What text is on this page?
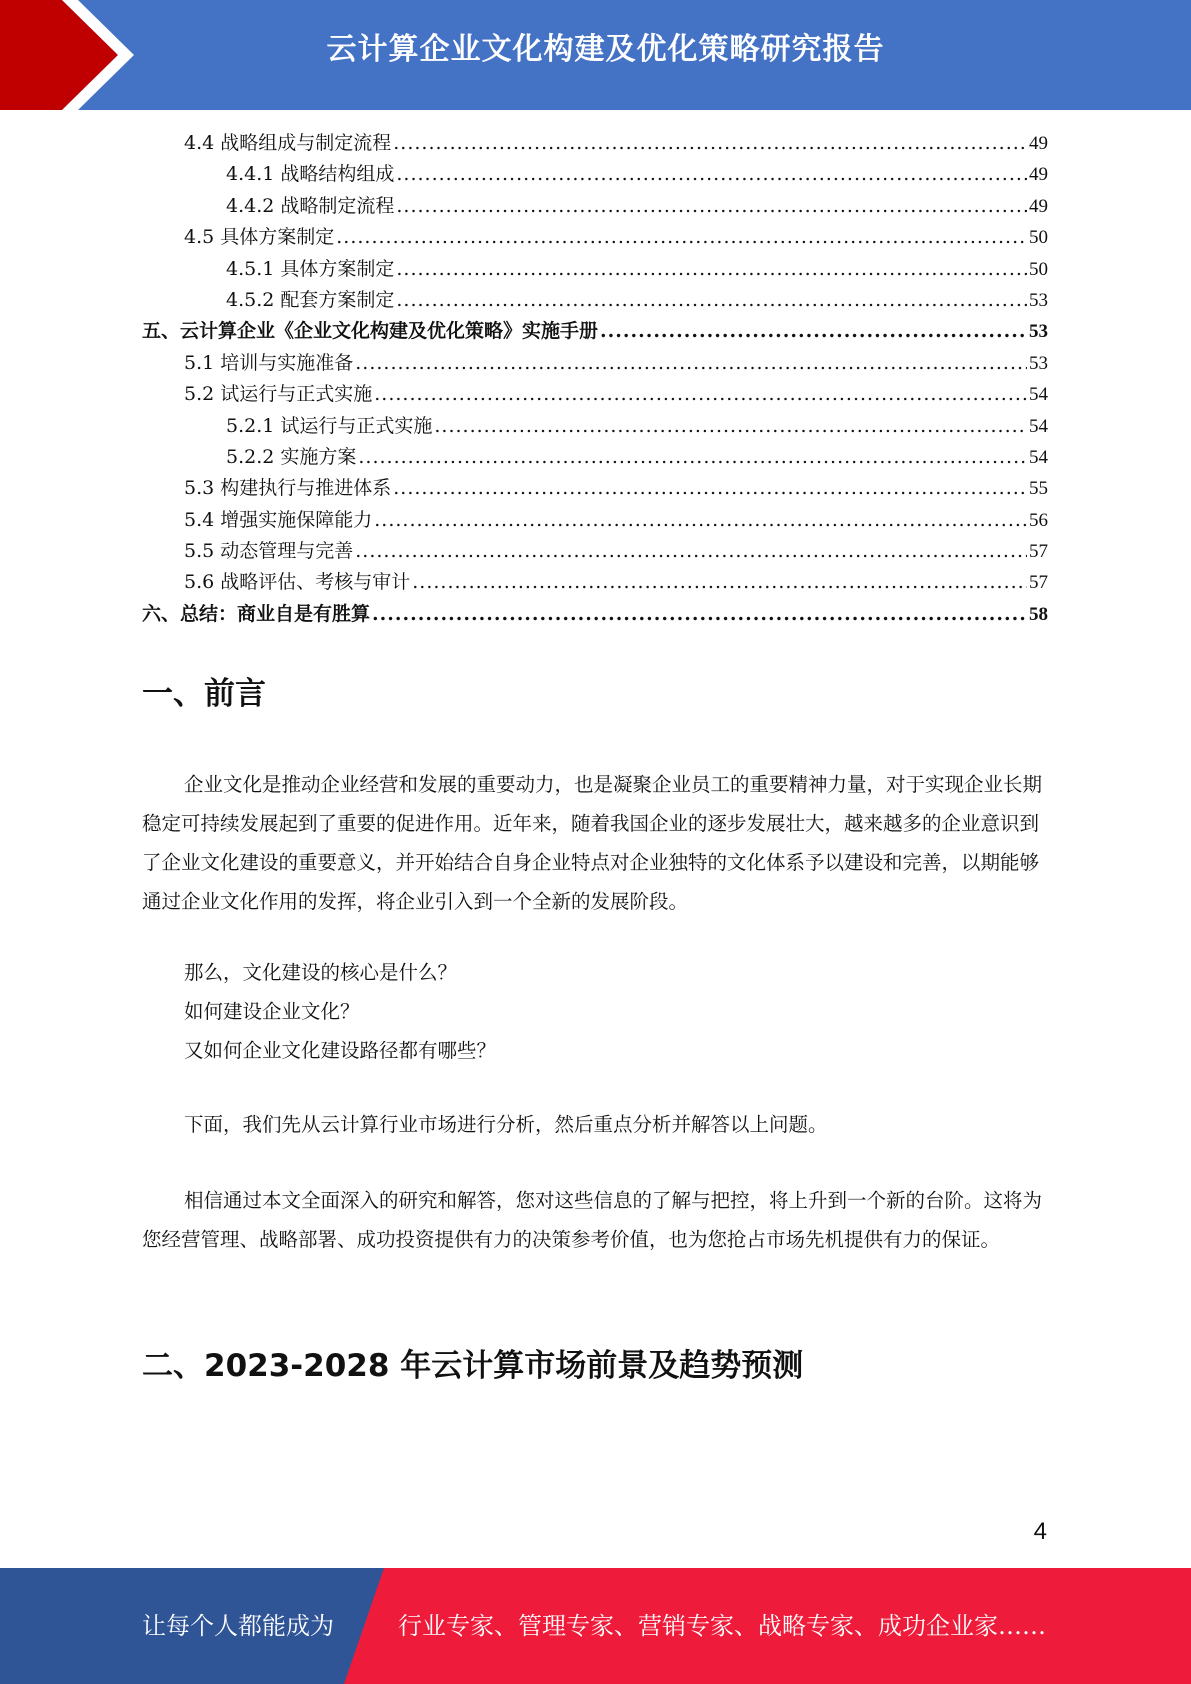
云计算企业文化构建及优化策略研究报告
4.4 战略组成与制定流程 .....	49
4.4.1 战略结构组成 .....	49
4.4.2 战略制定流程 .....	49
4.5 具体方案制定 .....	50
4.5.1 具体方案制定 .....	50
4.5.2 配套方案制定 .....	53
五、云计算企业《企业文化构建及优化策略》实施手册 .....	53
5.1 培训与实施准备 .....	53
5.2 试运行与正式实施 .....	54
5.2.1 试运行与正式实施 .....	54
5.2.2 实施方案 .....	54
5.3 构建执行与推进体系 .....	55
5.4 增强实施保障能力 .....	56
5.5 动态管理与完善 .....	57
5.6 战略评估、考核与审计 .....	57
六、总结：商业自是有胜算 .....	58
一、前言
企业文化是推动企业经营和发展的重要动力，也是凝聚企业员工的重要精神力量，对于实现企业长期稳定可持续发展起到了重要的促进作用。近年来，随着我国企业的逐步发展壮大，越来越多的企业意识到了企业文化建设的重要意义，并开始结合自身企业特点对企业独特的文化体系予以建设和完善，以期能够通过企业文化作用的发挥，将企业引入到一个全新的发展阶段。
那么，文化建设的核心是什么？
如何建设企业文化？
又如何企业文化建设路径都有哪些？
下面，我们先从云计算行业市场进行分析，然后重点分析并解答以上问题。
相信通过本文全面深入的研究和解答，您对这些信息的了解与把控，将上升到一个新的台阶。这将为您经营管理、战略部署、成功投资提供有力的决策参考价值，也为您抢占市场先机提供有力的保证。
二、2023-2028 年云计算市场前景及趋势预测
4
让每个人都能成为	行业专家、管理专家、营销专家、战略专家、成功企业家……
